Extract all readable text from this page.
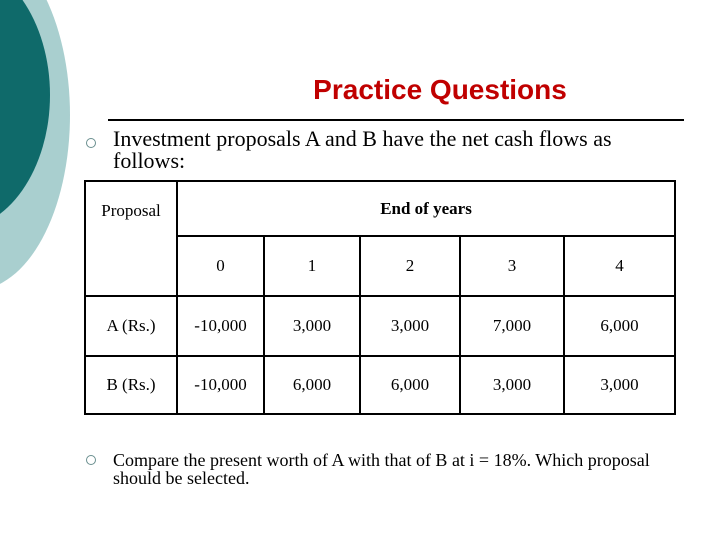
Practice Questions
Investment proposals A and B have the net cash flows as follows:
Proposal	End of years				
	0	1	2	3	4
A (Rs.)	-10,000	3,000	3,000	7,000	6,000
B (Rs.)	-10,000	6,000	6,000	3,000	3,000
Compare the present worth of A with that of B at i = 18%. Which proposal should be selected.
